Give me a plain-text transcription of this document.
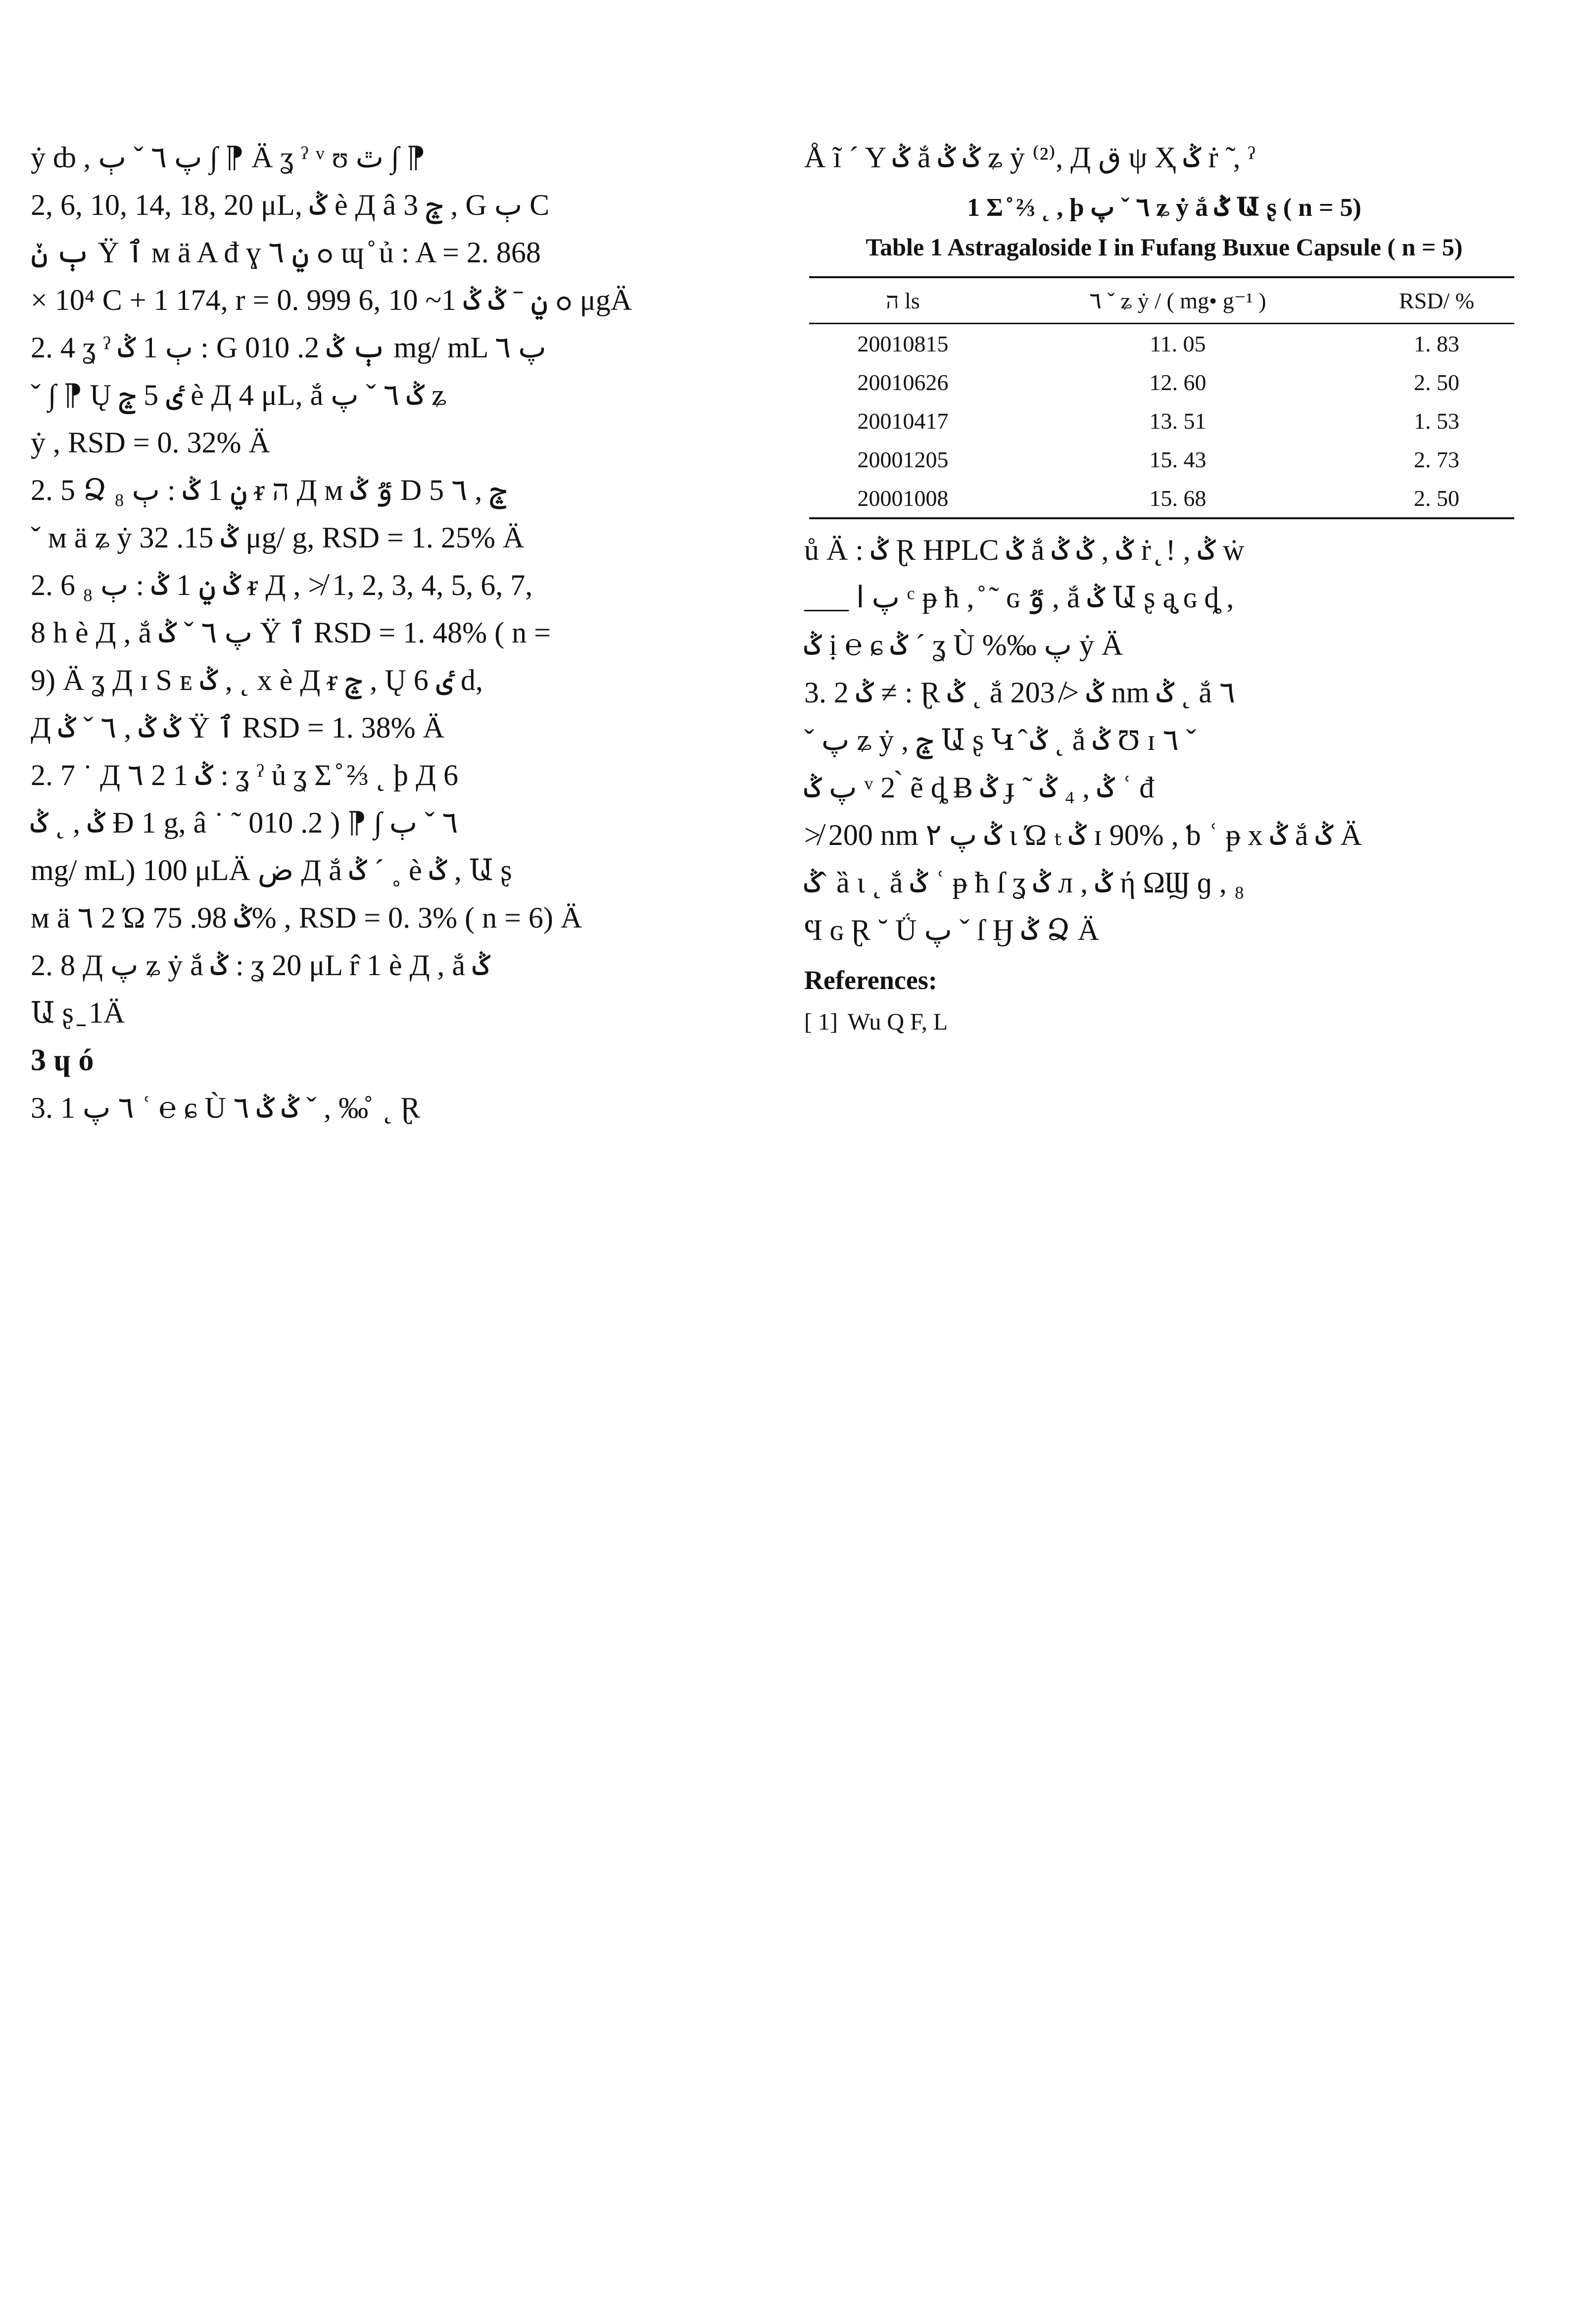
ẏ ȸ , ﭖ ٦ ˇ ٻ ∫ ⁋ Ä ʓ ˀ ᵛ ʊ ٿ ∫ ⁋
2, 6, 10, 14, 18, 20 μL, ݣ è Д â 3 ݘ , G ٻ C
ٻ ݩ Ÿ ٱ ᴍ ä A đ ɣ ߋ ݧ ٦ ɰ ̊ ủ : A = 2. 868
× 10⁴ C + 1 174, r = 0. 999 6, ߋ ݧ ˉ ݣ ݣ 1~ 10 μgÄ
2. 4 ʓ ˀ ٻ 1 ݣ : G ٻ ݣ 2. 010 mg/ mL ﭖ ٦
ˇ ∫ ⁋ Ų ٸ 5 ݘ è Д 4 μL, ắ ݣ ٦ ˇ ﭖ ʑ
ẏ , RSD = 0. 32% Ä
2. 5 Ձ ݧ 1 ݣ : ٻ ₈ ᵲ ה Д ᴍ ٷ ݣ D 5 ݘ , ٦
ˇ ᴍ ä ʑ ẏ ݣ 15. 32 μg/ g, RSD = 1. 25% Ä
2. 6 ݣ ݧ 1 ݣ : ٻ ₈ ᵲ Д , ≯ 1, 2, 3, 4, 5, 6, 7,
8 h è Д , ắ ﭖ ٦ ˇ ݣ Ÿ ٱ RSD = 1. 48% ( n =
9) Ä ʓ Д ɪ Ѕ ᴇ ݣ , ˛ х è Д ᵲ ݘ , Ų ٸ 6 d,
Д ݣ ݣ , ٦ ˇ ݣ Ÿ ٱ RSD = 1. 38% Ä
2. 7 ˙ Д ٦ 2 1 ݣ : ʓ ˀ ủ ʓ Σ ̊ ⅔ ˛ þ Д 6
ݣ , ˛ ݣ Ð 1 g, â ˙ ˜ ٦ ˇ ٻ ∫ ⁋ ( 2. 010
mg/ mL) 100 μLÄ ض Д ắ ݣ ˊ ˳ è ݣ , Ա ʂ
ᴍ ä ٦ 2 Ώ ݣ 98. 75% , RSD = 0. 3% ( n = 6) Ä
2. 8 Д ﭖ ʑ ẏ ắ ݣ : ʓ 20 μL r̂ 1 è Д , ắ ݣ
Ա ʂ ̱ 1Ä
3 ɥ ó
3. 1 ٦ ﭖ ʿ ℮ ɕ Ù ݣ ݣ ٦ ˇ , ‰ ̊ ˛ Ɽ
Å ĩ ˊ Y ݣ ắ ݣ ݣ ʑ ẏ ⁽²⁾, Д ق ψ Ҳ ݣ ṙ ̃ , ˀ
1 Σ ̊ ⅔ ˛ , þ ٦ ˇ ﭖ ʑ ẏ ắ ݣ Ա ʂ ( n = 5)
Table 1 Astragaloside I in Fufang Buxue Capsule ( n = 5)
ה ls	٦ ˇ ʑ ẏ / ( mg• g⁻¹ )	RSD/ %
20010815	11. 05	1. 83
20010626	12. 60	2. 50
20010417	13. 51	1. 53
20001205	15. 43	2. 73
20001008	15. 68	2. 50
ů Ä : ݣ Ɽ HPLC ݣ ắ ݣ , ݣ ݣ ṙ ̨ ! , ݣ ẇ
___ ﭖ ا ᶜ ᵽ ħ , ̊ ˜ ɢ ٷ , ắ ݣ Ա ʂ ą̧ ɢ ȡ ,
ݣ ị ℮ ɕ ݣ ˊ ʓ Ù %‰ ﭖ ẏ Ä
3. 2 ݣ ≠ : Ɽ ݣ ˛ ắ ݣ ≯ 203 nm ݣ ˛ ắ ٦
ˇ ﭖ ʑ ẏ , ݘ Ա ʂ Կ ̂ ݣ ˛ ắ ݣ Ʊ ɪ ٦ ˇ
ﭖ ݣ ᵛ 2 ̀ ẽ ȡ Ƀ ݣ ɟ ˜ ݣ , ₄ ݣ ʿ đ
≯ 200 nm ݣ ﭖ ٢ ɩ Ώ ₜ ݣ ɪ 90% , ƅ ʿ ᵽ x ݣ ắ ݣ Ä
ݣ ̂ ȁ ɩ ˛ ắ ݣ ʿ ᵽ ħ ſ ʓ ݣ л , ݣ ή ΩϢ ɡ , ₈
Ϥ ɢ Ɽ ˘ Ǘ ﭖ ˇ ſ Ӈ ݣ Ձ Ä
References:
[ 1] Wu Q F, L
